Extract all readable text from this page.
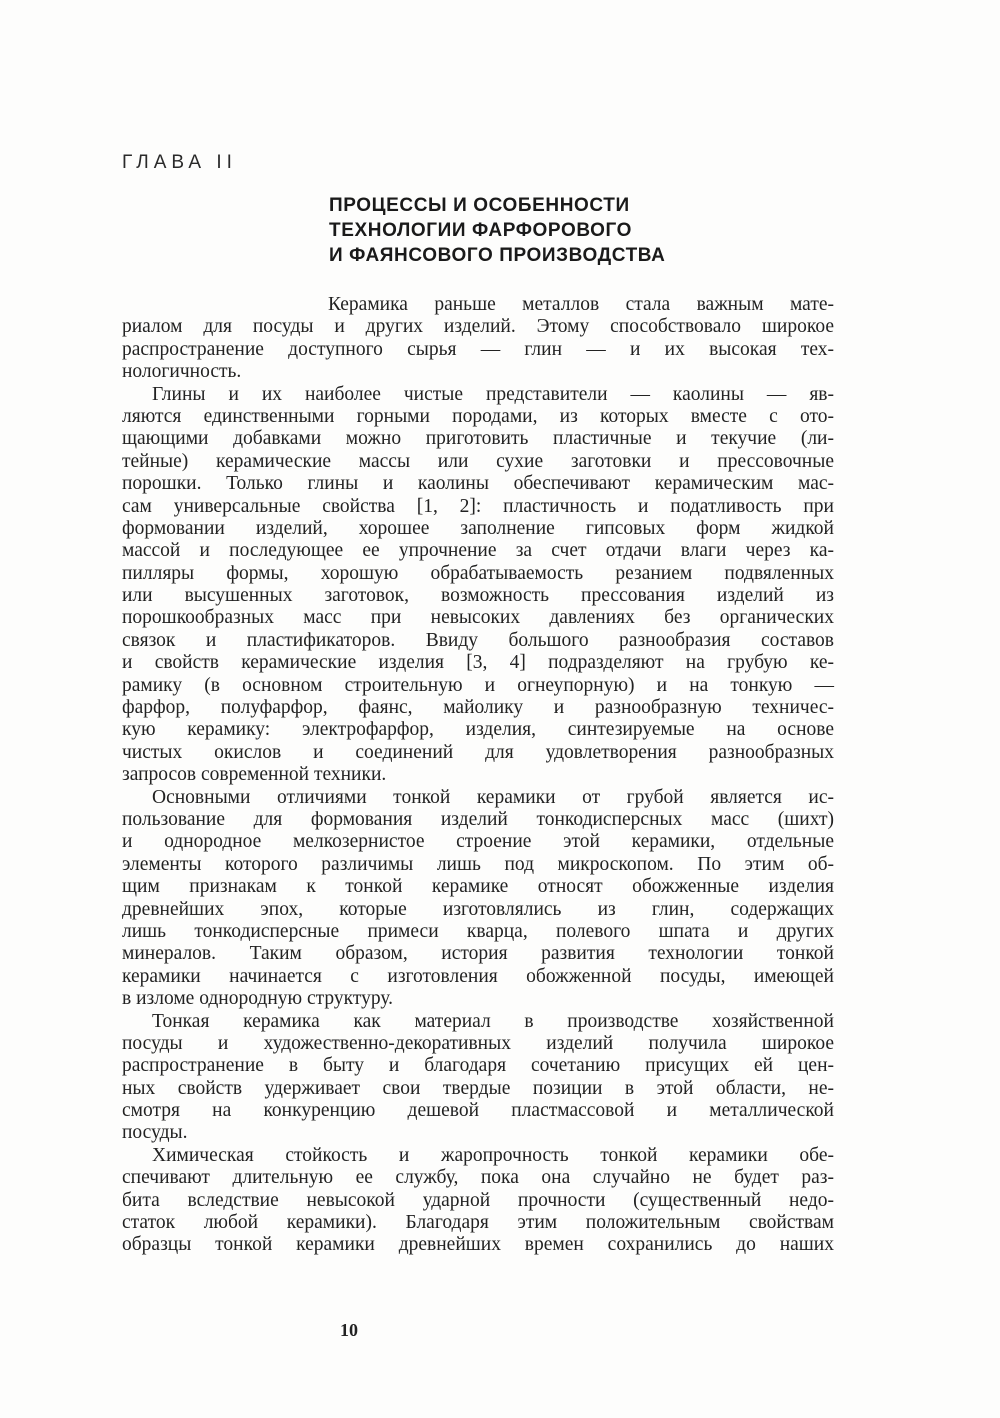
ГЛАВА II
ПРОЦЕССЫ И ОСОБЕННОСТИ
ТЕХНОЛОГИИ ФАРФОРОВОГО
И ФАЯНСОВОГО ПРОИЗВОДСТВА
Керамика раньше металлов стала важным мате-
риалом для посуды и других изделий. Этому способствовало широкое
распространение доступного сырья — глин — и их высокая тех-
нологичность.
Глины и их наиболее чистые представители — каолины — яв-
ляются единственными горными породами, из которых вместе с ото-
щающими добавками можно приготовить пластичные и текучие (ли-
тейные) керамические массы или сухие заготовки и прессовочные
порошки. Только глины и каолины обеспечивают керамическим мас-
сам универсальные свойства [1, 2]: пластичность и податливость при
формовании изделий, хорошее заполнение гипсовых форм жидкой
массой и последующее ее упрочнение за счет отдачи влаги через ка-
пилляры формы, хорошую обрабатываемость резанием подвяленных
или высушенных заготовок, возможность прессования изделий из
порошкообразных масс при невысоких давлениях без органических
связок и пластификаторов. Ввиду большого разнообразия составов
и свойств керамические изделия [3, 4] подразделяют на грубую ке-
рамику (в основном строительную и огнеупорную) и на тонкую —
фарфор, полуфарфор, фаянс, майолику и разнообразную техничес-
кую керамику: электрофарфор, изделия, синтезируемые на основе
чистых окислов и соединений для удовлетворения разнообразных
запросов современной техники.
Основными отличиями тонкой керамики от грубой является ис-
пользование для формования изделий тонкодисперсных масс (шихт)
и однородное мелкозернистое строение этой керамики, отдельные
элементы которого различимы лишь под микроскопом. По этим об-
щим признакам к тонкой керамике относят обожженные изделия
древнейших эпох, которые изготовлялись из глин, содержащих
лишь тонкодисперсные примеси кварца, полевого шпата и других
минералов. Таким образом, история развития технологии тонкой
керамики начинается с изготовления обожженной посуды, имеющей
в изломе однородную структуру.
Тонкая керамика как материал в производстве хозяйственной
посуды и художественно-декоративных изделий получила широкое
распространение в быту и благодаря сочетанию присущих ей цен-
ных свойств удерживает свои твердые позиции в этой области, не-
смотря на конкуренцию дешевой пластмассовой и металлической
посуды.
Химическая стойкость и жаропрочность тонкой керамики обе-
спечивают длительную ее службу, пока она случайно не будет раз-
бита вследствие невысокой ударной прочности (существенный недо-
статок любой керамики). Благодаря этим положительным свойствам
образцы тонкой керамики древнейших времен сохранились до наших
10
